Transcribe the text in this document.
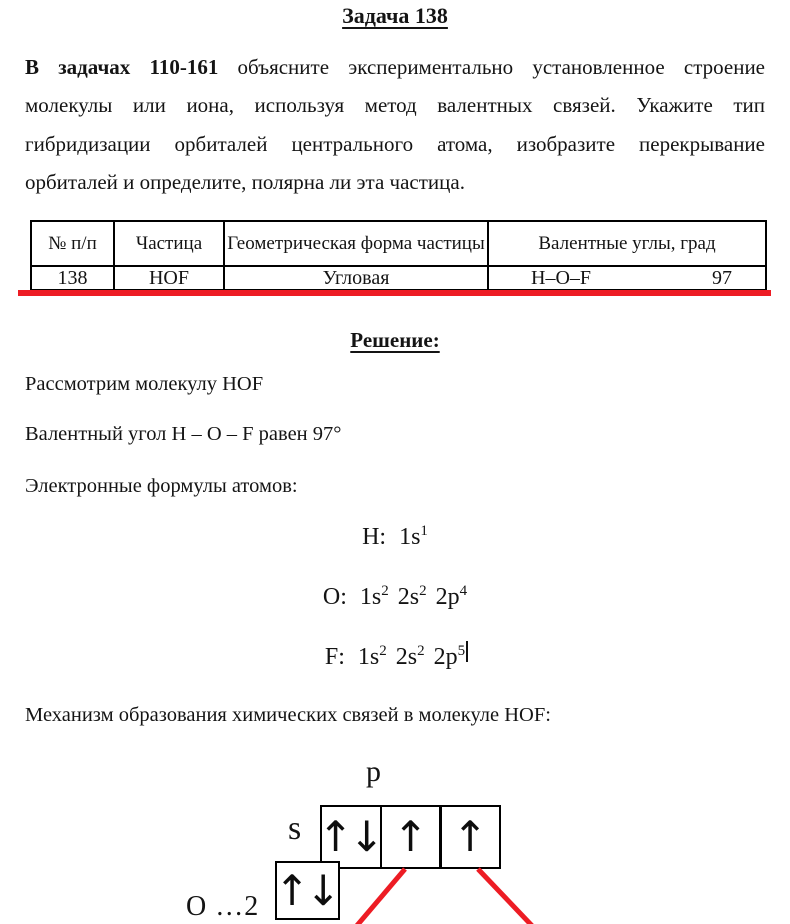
Задача 138
В задачах 110-161 объясните экспериментально установленное строение
молекулы или иона, используя метод валентных связей. Укажите тип
гибридизации орбиталей центрального атома, изобразите перекрывание
орбиталей и определите, полярна ли эта частица.
№ п/п	Частица	Геометрическая форма частицы	Валентные углы, град
138	HOF	Угловая	H–O–F 97
Решение:
Рассмотрим молекулу HOF
Валентный угол H – O – F равен 97°
Электронные формулы атомов:
H: $1s^1$
O: $1s^2$ $2s^2$ $2p^4$
F: $1s^2$ $2s^2$ $2p^5$
Механизм образования химических связей в молекуле HOF:
p
s
O …2
↑↓ ↑ ↑
↑↓
